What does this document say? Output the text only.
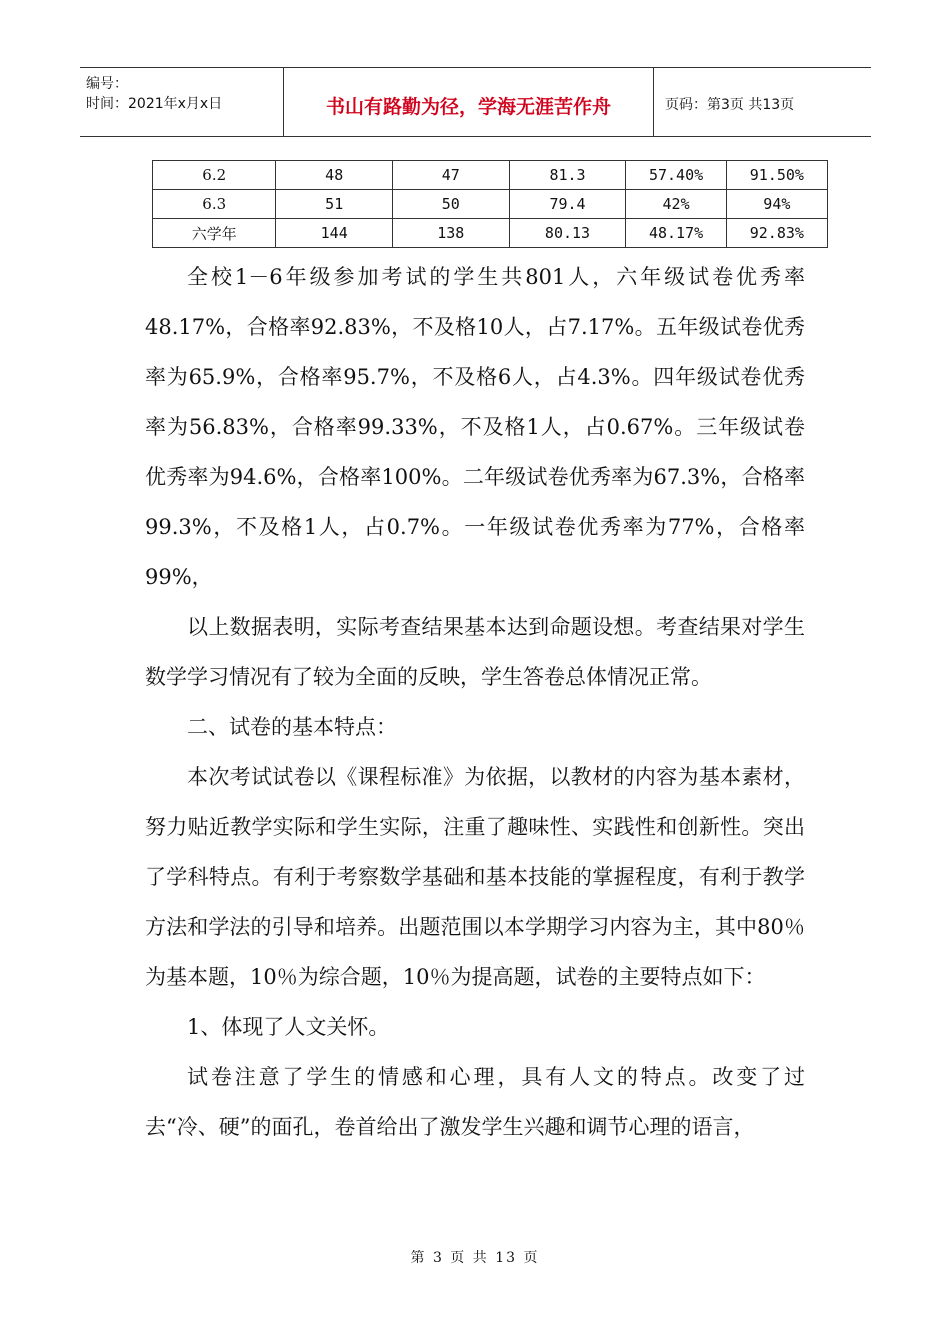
编号：
时间：2021年x月x日	书山有路勤为径，学海无涯苦作舟	页码：第3页 共13页
6.2	48	47	81.3	57.40%	91.50%
6.3	51	50	79.4	42%	94%
六学年	144	138	80.13	48.17%	92.83%

全校1－6年级参加考试的学生共801人，六年级试卷优秀率48.17%，合格率92.83%，不及格10人，占7.17%。五年级试卷优秀率为65.9%，合格率95.7%，不及格6人，占4.3%。四年级试卷优秀率为56.83%，合格率99.33%，不及格1人，占0.67%。三年级试卷优秀率为94.6%，合格率100%。二年级试卷优秀率为67.3%，合格率99.3%，不及格1人，占0.7%。一年级试卷优秀率为77%，合格率99%，

以上数据表明，实际考查结果基本达到命题设想。考查结果对学生数学学习情况有了较为全面的反映，学生答卷总体情况正常。

二、试卷的基本特点：

本次考试试卷以《课程标准》为依据，以教材的内容为基本素材，努力贴近教学实际和学生实际，注重了趣味性、实践性和创新性。突出了学科特点。有利于考察数学基础和基本技能的掌握程度，有利于教学方法和学法的引导和培养。出题范围以本学期学习内容为主，其中80％为基本题，10％为综合题，10％为提高题，试卷的主要特点如下：

1、体现了人文关怀。

试卷注意了学生的情感和心理，具有人文的特点。改变了过去“冷、硬”的面孔，卷首给出了激发学生兴趣和调节心理的语言，

第 3 页 共 13 页
